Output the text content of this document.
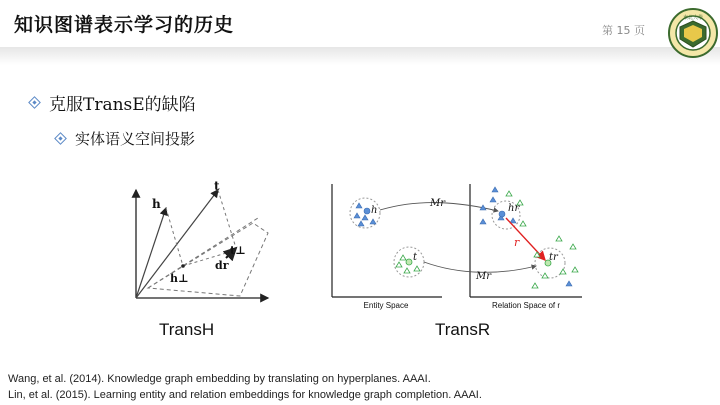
知识图谱表示学习的历史	第 15 页
東北大學
克服TransE的缺陷
实体语义空间投影
h
t
t⊥
dr
h⊥
TransH
h
t
Mr
Mr
hr
r
tr
Entity Space	Relation Space of r
TransR
Wang, et al. (2014). Knowledge graph embedding by translating on hyperplanes. AAAI.
Lin, et al. (2015). Learning entity and relation embeddings for knowledge graph completion. AAAI.
